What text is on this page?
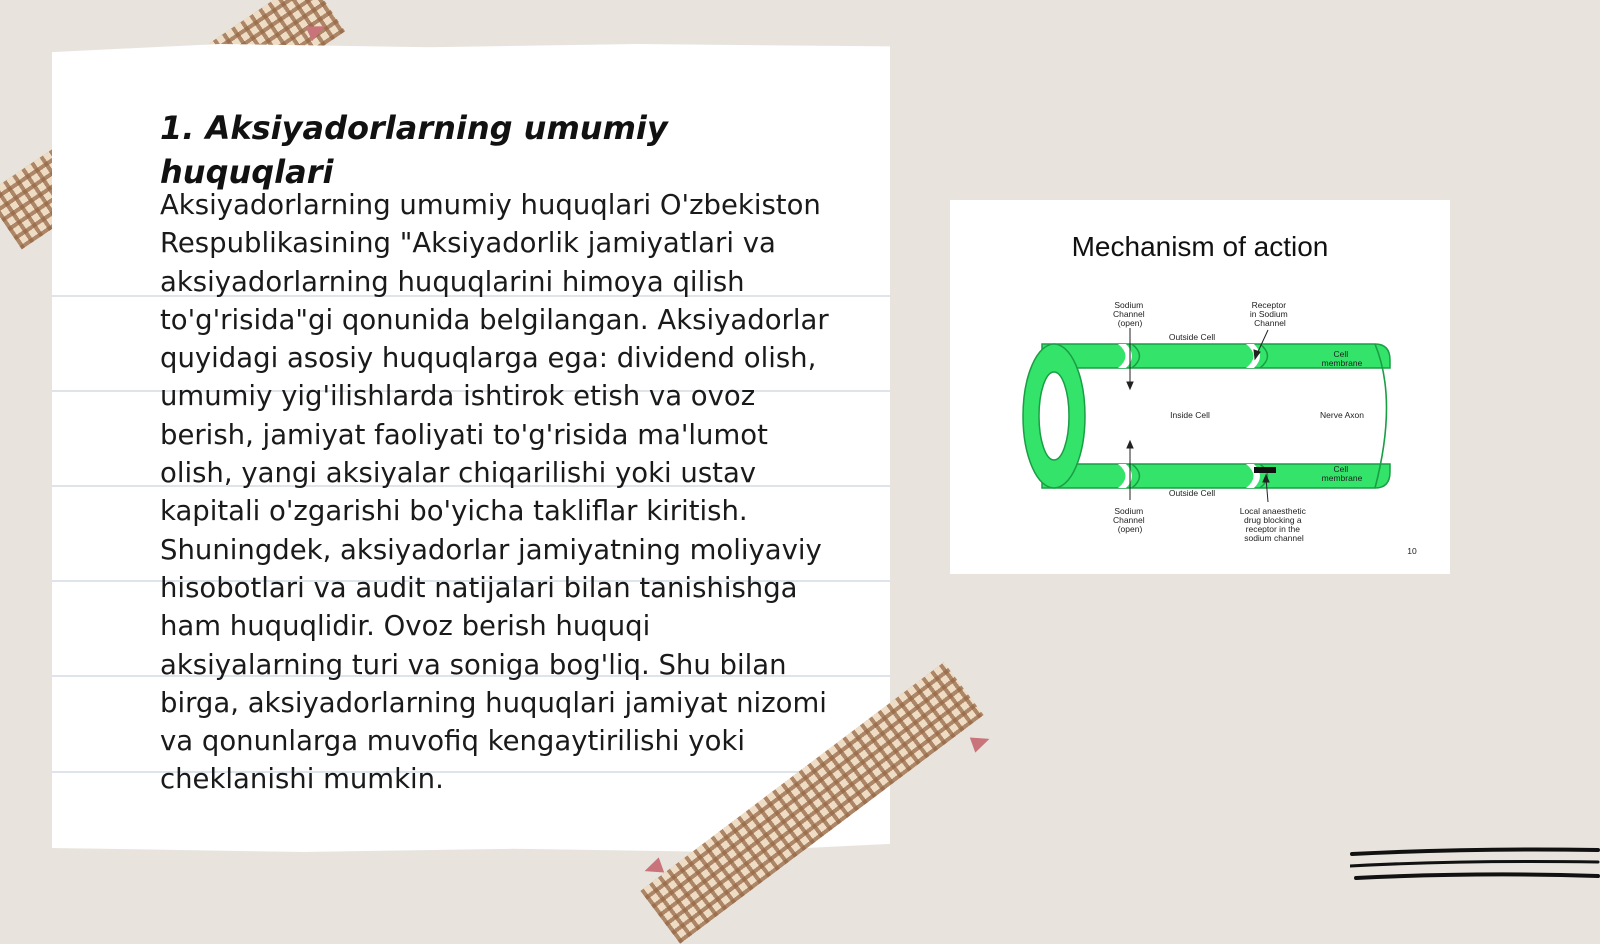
1. Aksiyadorlarning umumiy huquqlari

Aksiyadorlarning umumiy huquqlari O'zbekiston Respublikasining "Aksiyadorlik jamiyatlari va aksiyadorlarning huquqlarini himoya qilish to'g'risida"gi qonunida belgilangan. Aksiyadorlar quyidagi asosiy huquqlarga ega: dividend olish, umumiy yig'ilishlarda ishtirok etish va ovoz berish, jamiyat faoliyati to'g'risida ma'lumot olish, yangi aksiyalar chiqarilishi yoki ustav kapitali o'zgarishi bo'yicha takliflar kiritish. Shuningdek, aksiyadorlar jamiyatning moliyaviy hisobotlari va audit natijalari bilan tanishishga ham huquqlidir. Ovoz berish huquqi aksiyalarning turi va soniga bog'liq. Shu bilan birga, aksiyadorlarning huquqlari jamiyat nizomi va qonunlarga muvofiq kengaytirilishi yoki cheklanishi mumkin.

Mechanism of action
Sodium Channel (open)
Receptor in Sodium Channel
Outside Cell
Cell membrane
Inside Cell	Nerve Axon
Cell membrane
Outside Cell
Sodium Channel (open)
Local anaesthetic drug blocking a receptor in the sodium channel
10
